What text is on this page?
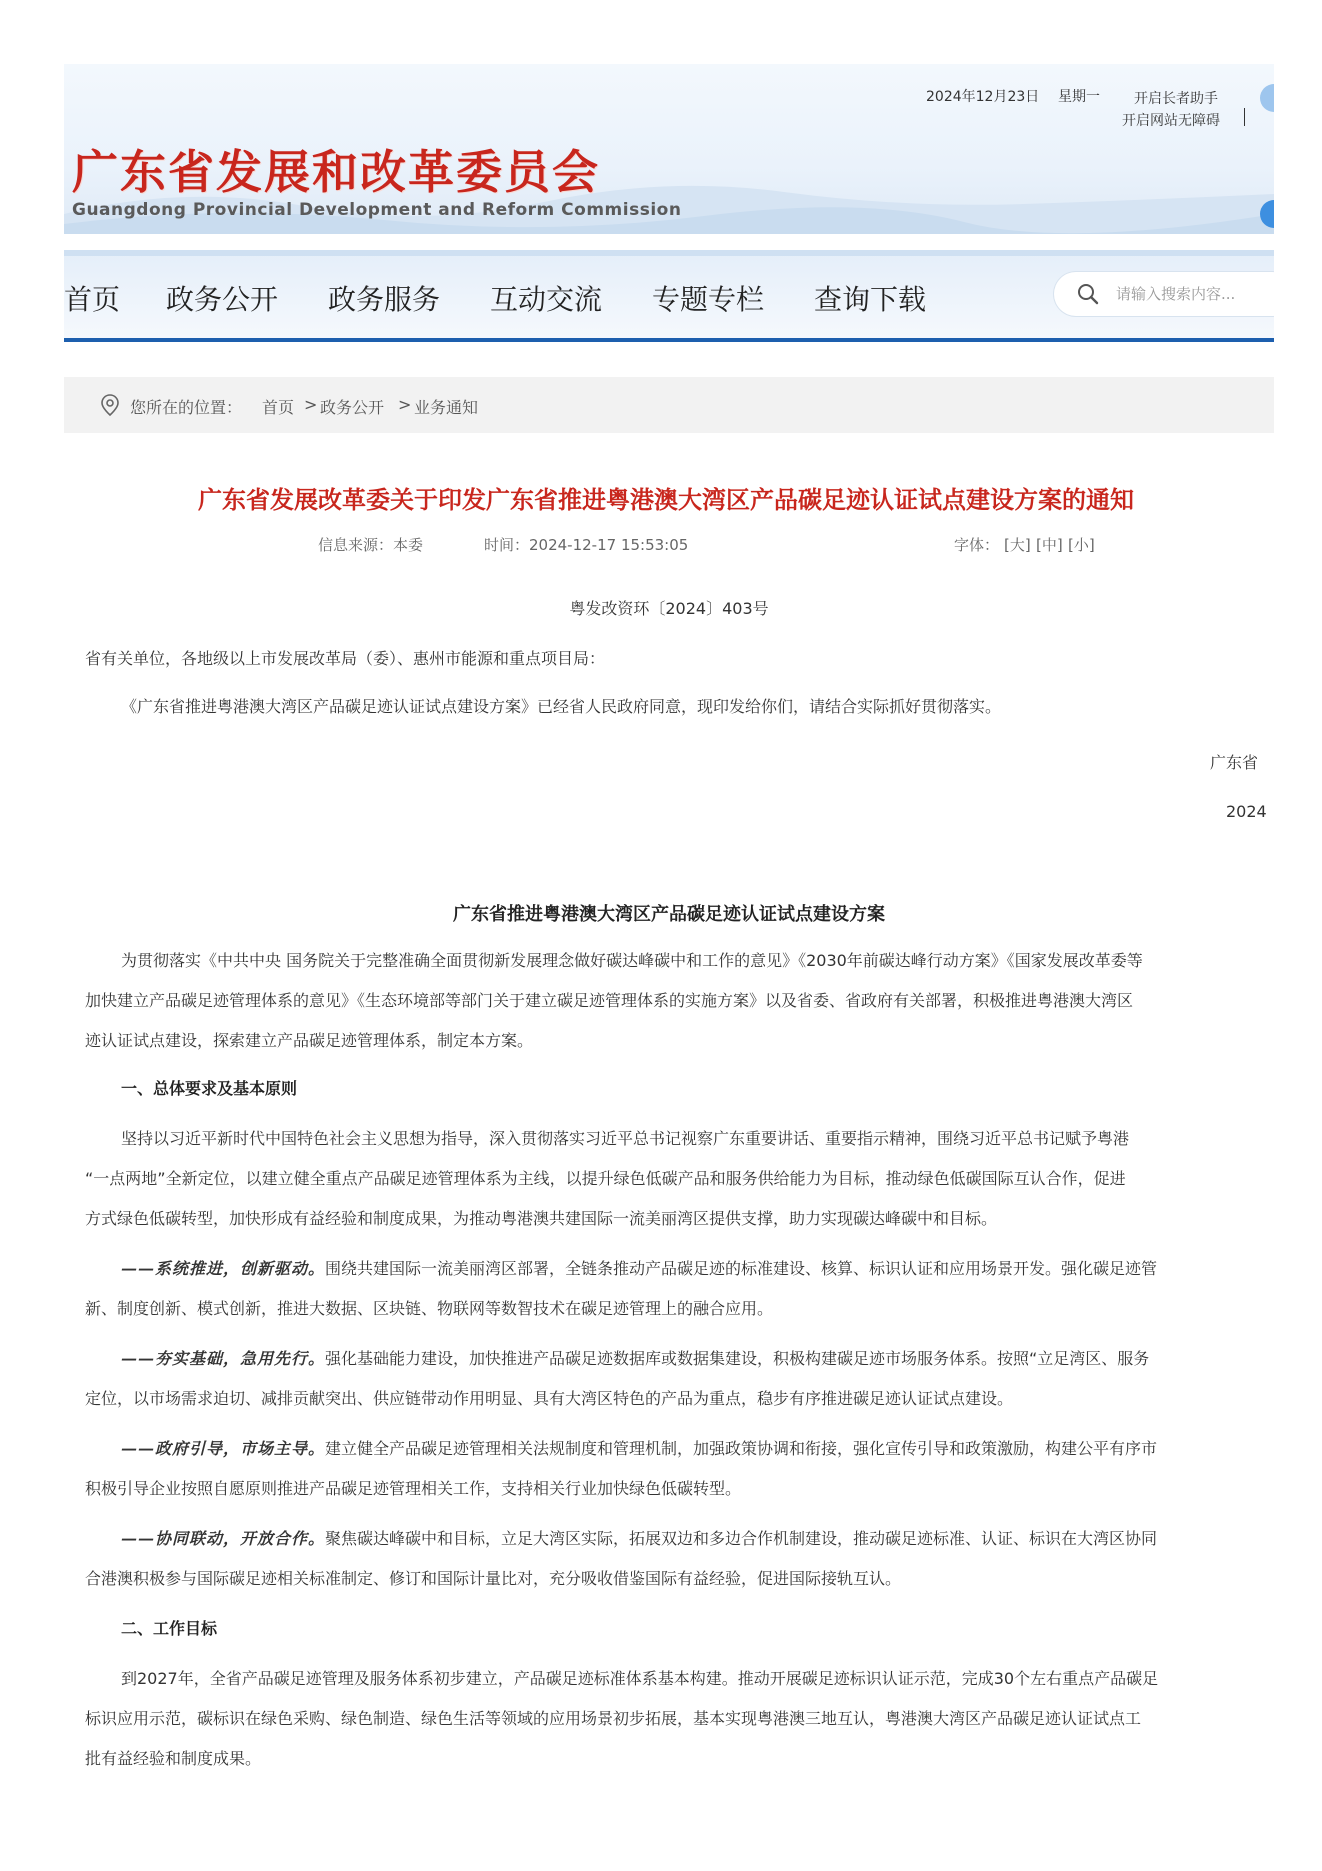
广东省发展和改革委员会
Guangdong Provincial Development and Reform Commission
2024年12月23日 星期一 开启长者助手
开启网站无障碍
首页 政务公开 政务服务 互动交流 专题专栏 查询下载
请输入搜索内容...
您所在的位置： 首页 > 政务公开 > 业务通知
广东省发展改革委关于印发广东省推进粤港澳大湾区产品碳足迹认证试点建设方案的通知
信息来源：本委	时间：2024-12-17 15:53:05	字体： [大] [中] [小]
粤发改资环〔2024〕403号
省有关单位，各地级以上市发展改革局（委）、惠州市能源和重点项目局：
《广东省推进粤港澳大湾区产品碳足迹认证试点建设方案》已经省人民政府同意，现印发给你们，请结合实际抓好贯彻落实。
广东省
2024
广东省推进粤港澳大湾区产品碳足迹认证试点建设方案
为贯彻落实《中共中央 国务院关于完整准确全面贯彻新发展理念做好碳达峰碳中和工作的意见》《2030年前碳达峰行动方案》《国家发展改革委等
加快建立产品碳足迹管理体系的意见》《生态环境部等部门关于建立碳足迹管理体系的实施方案》以及省委、省政府有关部署，积极推进粤港澳大湾区
迹认证试点建设，探索建立产品碳足迹管理体系，制定本方案。
一、总体要求及基本原则
坚持以习近平新时代中国特色社会主义思想为指导，深入贯彻落实习近平总书记视察广东重要讲话、重要指示精神，围绕习近平总书记赋予粤港
“一点两地”全新定位，以建立健全重点产品碳足迹管理体系为主线，以提升绿色低碳产品和服务供给能力为目标，推动绿色低碳国际互认合作，促进
方式绿色低碳转型，加快形成有益经验和制度成果，为推动粤港澳共建国际一流美丽湾区提供支撑，助力实现碳达峰碳中和目标。
——系统推进，创新驱动。围绕共建国际一流美丽湾区部署，全链条推动产品碳足迹的标准建设、核算、标识认证和应用场景开发。强化碳足迹管
新、制度创新、模式创新，推进大数据、区块链、物联网等数智技术在碳足迹管理上的融合应用。
——夯实基础，急用先行。强化基础能力建设，加快推进产品碳足迹数据库或数据集建设，积极构建碳足迹市场服务体系。按照“立足湾区、服务
定位，以市场需求迫切、减排贡献突出、供应链带动作用明显、具有大湾区特色的产品为重点，稳步有序推进碳足迹认证试点建设。
——政府引导，市场主导。建立健全产品碳足迹管理相关法规制度和管理机制，加强政策协调和衔接，强化宣传引导和政策激励，构建公平有序市
积极引导企业按照自愿原则推进产品碳足迹管理相关工作，支持相关行业加快绿色低碳转型。
——协同联动，开放合作。聚焦碳达峰碳中和目标，立足大湾区实际，拓展双边和多边合作机制建设，推动碳足迹标准、认证、标识在大湾区协同
合港澳积极参与国际碳足迹相关标准制定、修订和国际计量比对，充分吸收借鉴国际有益经验，促进国际接轨互认。
二、工作目标
到2027年，全省产品碳足迹管理及服务体系初步建立，产品碳足迹标准体系基本构建。推动开展碳足迹标识认证示范，完成30个左右重点产品碳足
标识应用示范，碳标识在绿色采购、绿色制造、绿色生活等领域的应用场景初步拓展，基本实现粤港澳三地互认，粤港澳大湾区产品碳足迹认证试点工
批有益经验和制度成果。
